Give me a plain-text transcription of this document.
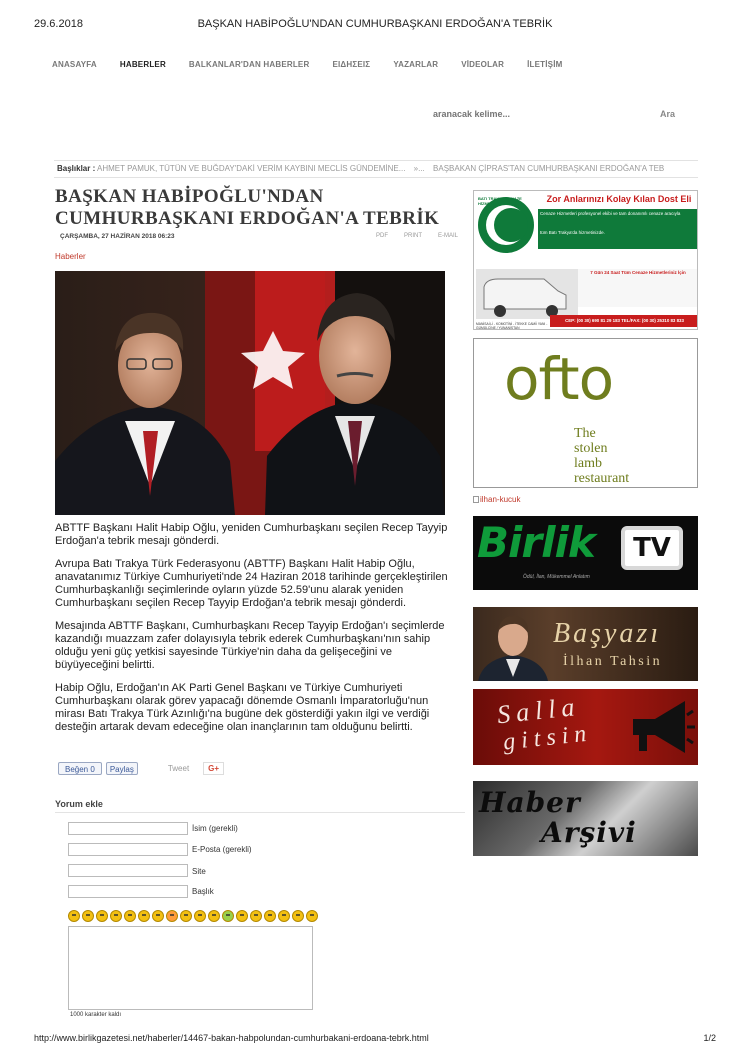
29.6.2018	BAŞKAN HABİPOĞLU'NDAN CUMHURBAŞKANI ERDOĞAN'A TEBRİK
ANASAYFA	HABERLER	BALKANLAR'DAN HABERLER	ΕΙΔΗΣΕΙΣ	YAZARLAR	VİDEOLAR	İLETİŞİM
aranacak kelime...
Ara
Başlıklar : AHMET PAMUK, TÜTÜN VE BUĞDAY'DAKİ VERİM KAYBINI MECLİS GÜNDEMİNE... »... BAŞBAKAN ÇİPRAS'TAN CUMHURBAŞKANI ERDOĞAN'A TEB
BAŞKAN HABİPOĞLU'NDAN CUMHURBAŞKANI ERDOĞAN'A TEBRİK
ÇARŞAMBA, 27 HAZİRAN 2018 06:23	PDF	PRINT	E-MAIL
Haberler

ABTTF Başkanı Halit Habip Oğlu, yeniden Cumhurbaşkanı seçilen Recep Tayyip Erdoğan'a tebrik mesajı gönderdi.

Avrupa Batı Trakya Türk Federasyonu (ABTTF) Başkanı Halit Habip Oğlu, anavatanımız Türkiye Cumhuriyeti'nde 24 Haziran 2018 tarihinde gerçekleştirilen Cumhurbaşkanlığı seçimlerinde oyların yüzde 52.59'unu alarak yeniden Cumhurbaşkanı seçilen Recep Tayyip Erdoğan'a tebrik mesajı gönderdi.

Mesajında ABTTF Başkanı, Cumhurbaşkanı Recep Tayyip Erdoğan'ı seçimlerde kazandığı muazzam zafer dolayısıyla tebrik ederek Cumhurbaşkanı'nın sahip olduğu yeni güç yetkisi sayesinde Türkiye'nin daha da gelişeceğini ve büyüyeceğini belirtti.

Habip Oğlu, Erdoğan'ın AK Parti Genel Başkanı ve Türkiye Cumhuriyeti Cumhurbaşkanı olarak görev yapacağı dönemde Osmanlı İmparatorluğu'nun mirası Batı Trakya Türk Azınlığı'na bugüne dek gösterdiği yakın ilgi ve verdiği desteğin artarak devam edeceğine olan inançlarının tam olduğunu belirtti.

Beğen 0	Paylaş	Tweet	G+
Yorum ekle
İsim (gerekli)
E-Posta (gerekli)
Site
Başlık
1000 karakter kaldı
Zor Anlarınızı Kolay Kılan Dost Eli
BATI TRAKYA CENAZE HİZMETLERİ
Cenaze Hizmetleri profesyonel ekibi ve tam donanımlı cenaze aracıyla
tüm Batı Trakya'da hizmetinizde.
7 Gün 24 Saat Tüm Cenaze Hizmetleriniz İçin
CEP: (00 30) 690 81 29 183 TEL/FAX: (00 30) 25310 83 833
MANİSA İLİ - KOMOTİNİ - İTEKKE CAMİİ YANI - GÜMÜLCİNE / YUNANİSTAN
ofto
The
stolen
lamb
restaurant
ilhan-kucuk
Birlik	TV
Ödül, İlan, Mükemmel Anlatım
Başyazı
İlhan Tahsin
Salla
gitsin
Haber
Arşivi
http://www.birlikgazetesi.net/haberler/14467-bakan-habpolundan-cumhurbakani-erdoana-tebrk.html	1/2
